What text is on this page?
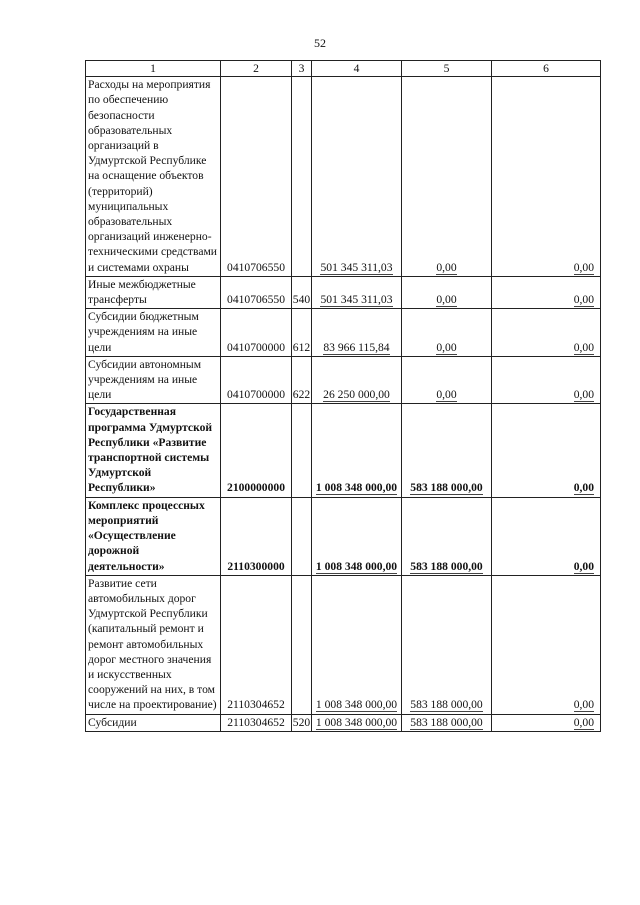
52
1	2	3	4	5	6

Расходы на мероприятия по обеспечению безопасности образовательных организаций в Удмуртской Республике на оснащение объектов (территорий) муниципальных образовательных организаций инженерно-техническими средствами и системами охраны	0410706550		501 345 311,03	0,00	0,00

Иные межбюджетные трансферты	0410706550	540	501 345 311,03	0,00	0,00

Субсидии бюджетным учреждениям на иные цели	0410700000	612	83 966 115,84	0,00	0,00

Субсидии автономным учреждениям на иные цели	0410700000	622	26 250 000,00	0,00	0,00

Государственная программа Удмуртской Республики «Развитие транспортной системы Удмуртской Республики»	2100000000		1 008 348 000,00	583 188 000,00	0,00

Комплекс процессных мероприятий «Осуществление дорожной деятельности»	2110300000		1 008 348 000,00	583 188 000,00	0,00

Развитие сети автомобильных дорог Удмуртской Республики (капитальный ремонт и ремонт автомобильных дорог местного значения и искусственных сооружений на них, в том числе на проектирование)	2110304652		1 008 348 000,00	583 188 000,00	0,00

Субсидии	2110304652	520	1 008 348 000,00	583 188 000,00	0,00
